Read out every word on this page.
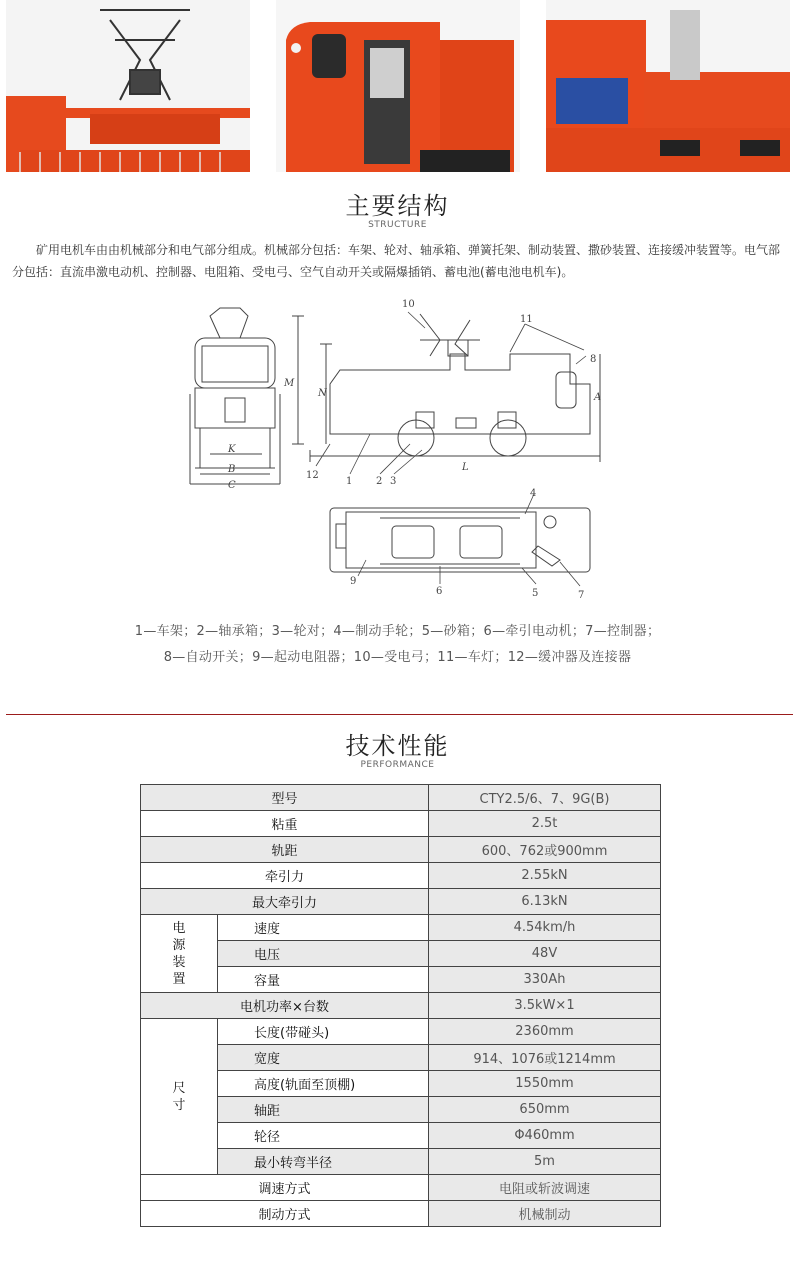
主要结构
STRUCTURE
矿用电机车由由机械部分和电气部分组成。机械部分包括：车架、轮对、轴承箱、弹簧托架、制动装置、撒砂装置、连接缓冲装置等。电气部分包括：直流串激电动机、控制器、电阻箱、受电弓、空气自动开关或隔爆插销、蓄电池(蓄电池电机车)。
K
B
C
M
N	A
L
10
11
8
12
1 2 3
4
5
6	7
9
1—车架；2—轴承箱；3—轮对；4—制动手轮；5—砂箱；6—牵引电动机；7—控制器；
8—自动开关；9—起动电阻器；10—受电弓；11—车灯；12—缓冲器及连接器
技术性能
PERFORMANCE
型号		CTY2.5/6、7、9G(B)
粘重		2.5t
轨距		600、762或900mm
牵引力		2.55kN
最大牵引力		6.13kN
电源装置	速度	4.54km/h
	电压	48V
	容量	330Ah
电机功率×台数		3.5kW×1
尺寸	长度(带碰头)	2360mm
	宽度	914、1076或1214mm
	高度(轨面至顶棚)	1550mm
	轴距	650mm
	轮径	Φ460mm
	最小转弯半径	5m
调速方式		电阻或斩波调速
制动方式		机械制动
